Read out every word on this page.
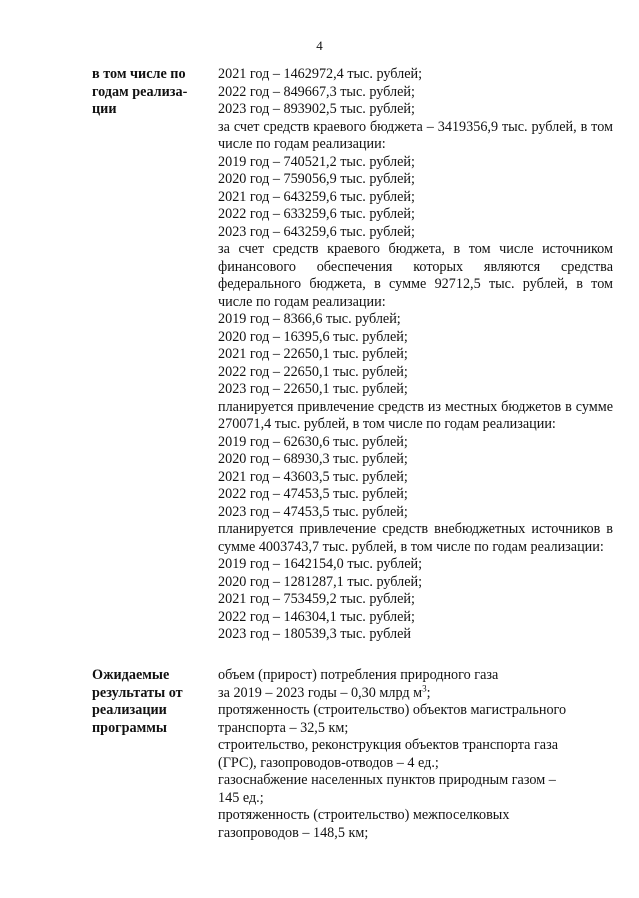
4
в том числе по
годам реализа-
ции
2021 год – 1462972,4 тыс. рублей;
2022 год – 849667,3 тыс. рублей;
2023 год – 893902,5 тыс. рублей;
за счет средств краевого бюджета – 3419356,9 тыс. рублей, в том числе по годам реализации:
2019 год – 740521,2 тыс. рублей;
2020 год – 759056,9 тыс. рублей;
2021 год – 643259,6 тыс. рублей;
2022 год – 633259,6 тыс. рублей;
2023 год – 643259,6 тыс. рублей;
за счет средств краевого бюджета, в том числе источником финансового обеспечения которых являются средства федерального бюджета, в сумме 92712,5 тыс. рублей, в том числе по годам реализации:
2019 год – 8366,6 тыс. рублей;
2020 год – 16395,6 тыс. рублей;
2021 год – 22650,1 тыс. рублей;
2022 год – 22650,1 тыс. рублей;
2023 год – 22650,1 тыс. рублей;
планируется привлечение средств из местных бюджетов в сумме 270071,4 тыс. рублей, в том числе по годам реализации:
2019 год – 62630,6 тыс. рублей;
2020 год – 68930,3 тыс. рублей;
2021 год – 43603,5 тыс. рублей;
2022 год – 47453,5 тыс. рублей;
2023 год – 47453,5 тыс. рублей;
планируется привлечение средств внебюджетных источников в сумме 4003743,7 тыс. рублей, в том числе по годам реализации:
2019 год – 1642154,0 тыс. рублей;
2020 год – 1281287,1 тыс. рублей;
2021 год – 753459,2 тыс. рублей;
2022 год – 146304,1 тыс. рублей;
2023 год – 180539,3 тыс. рублей
Ожидаемые
результаты от
реализации
программы
объем (прирост) потребления природного газа
за 2019 – 2023 годы – 0,30 млрд $м^3$;
протяженность (строительство) объектов магистрального
транспорта – 32,5 км;
строительство, реконструкция объектов транспорта газа
(ГРС), газопроводов-отводов – 4 ед.;
газоснабжение населенных пунктов природным газом –
145 ед.;
протяженность (строительство) межпоселковых
газопроводов – 148,5 км;
